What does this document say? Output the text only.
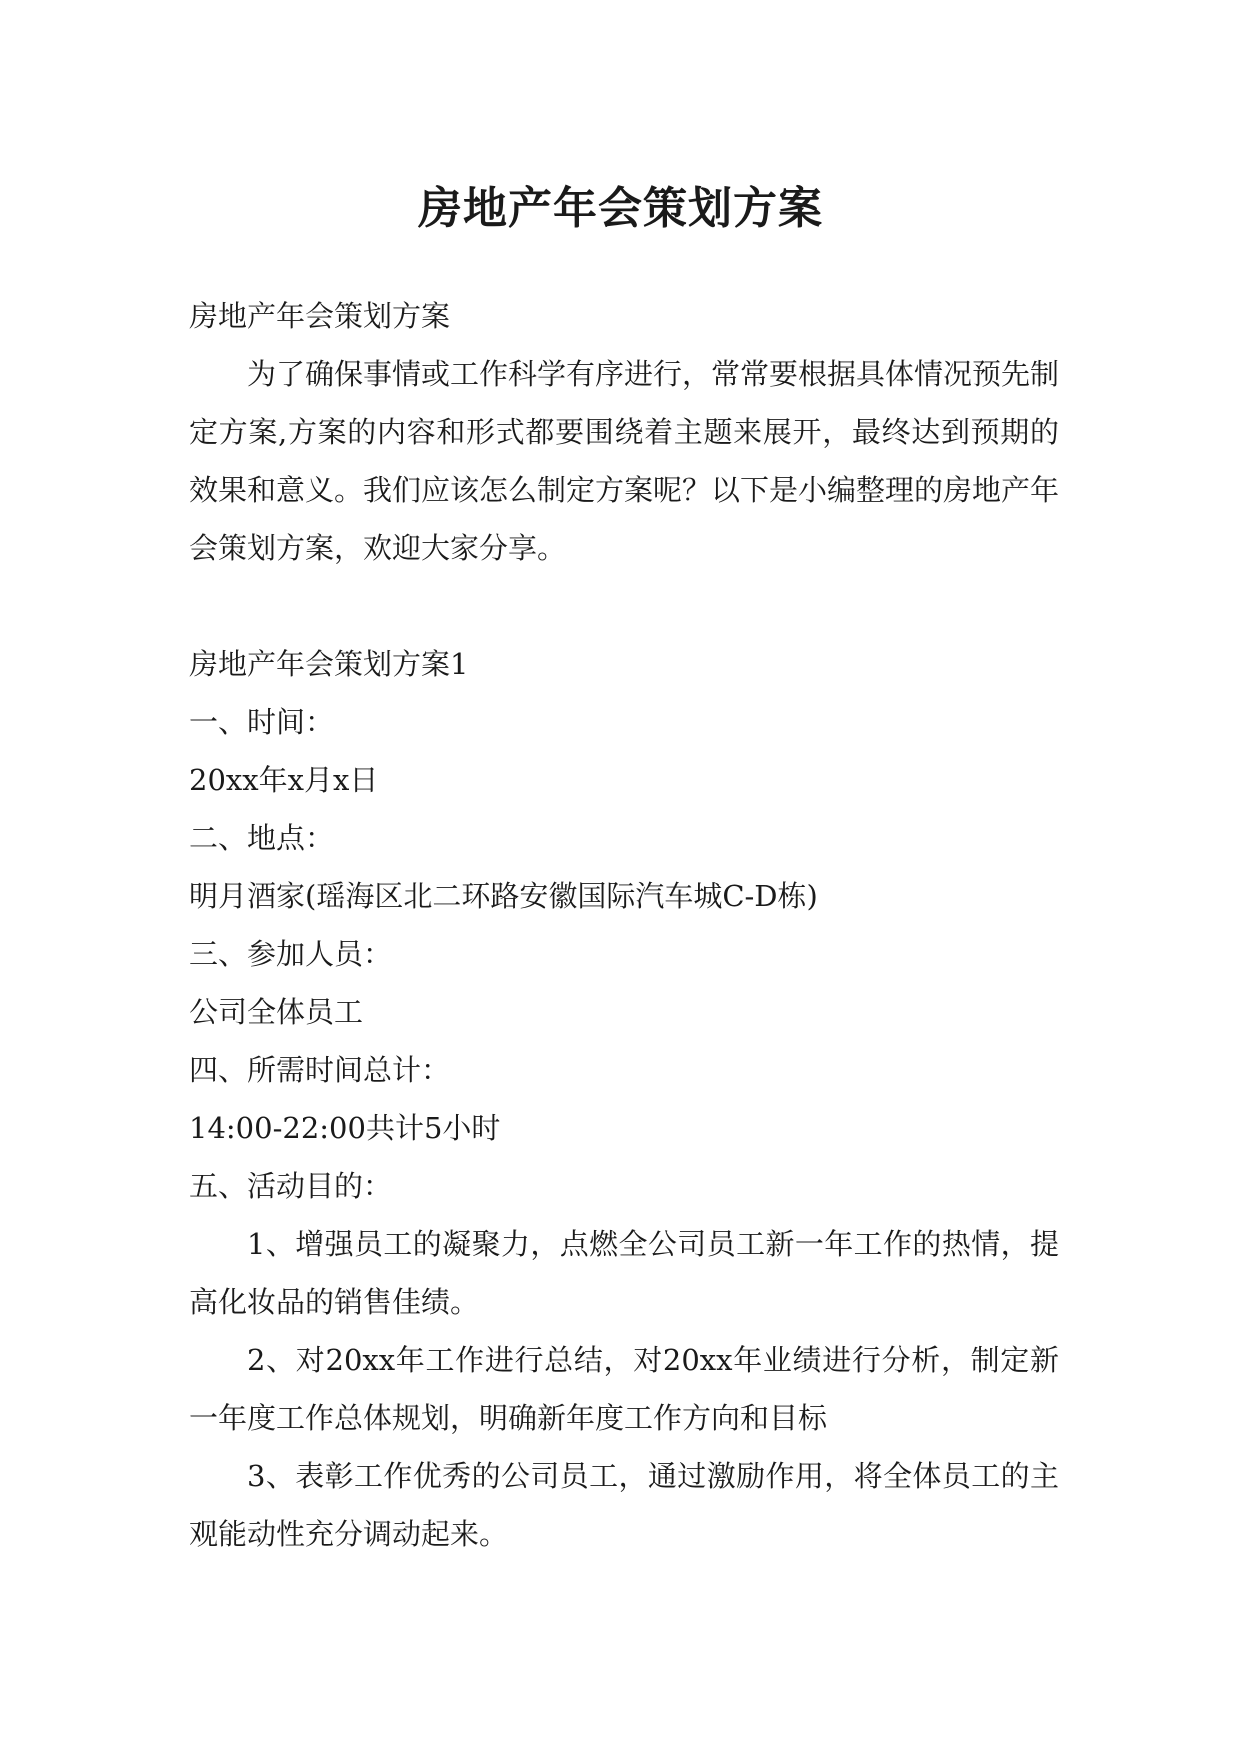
房地产年会策划方案

房地产年会策划方案

为了确保事情或工作科学有序进行，常常要根据具体情况预先制定方案,方案的内容和形式都要围绕着主题来展开，最终达到预期的效果和意义。我们应该怎么制定方案呢？以下是小编整理的房地产年会策划方案，欢迎大家分享。

房地产年会策划方案1

一、时间：

20xx年x月x日

二、地点：

明月酒家(瑶海区北二环路安徽国际汽车城C-D栋)

三、参加人员：

公司全体员工

四、所需时间总计：

14:00-22:00共计5小时

五、活动目的：

1、增强员工的凝聚力，点燃全公司员工新一年工作的热情，提高化妆品的销售佳绩。

2、对20xx年工作进行总结，对20xx年业绩进行分析，制定新一年度工作总体规划，明确新年度工作方向和目标

3、表彰工作优秀的公司员工，通过激励作用，将全体员工的主观能动性充分调动起来。
